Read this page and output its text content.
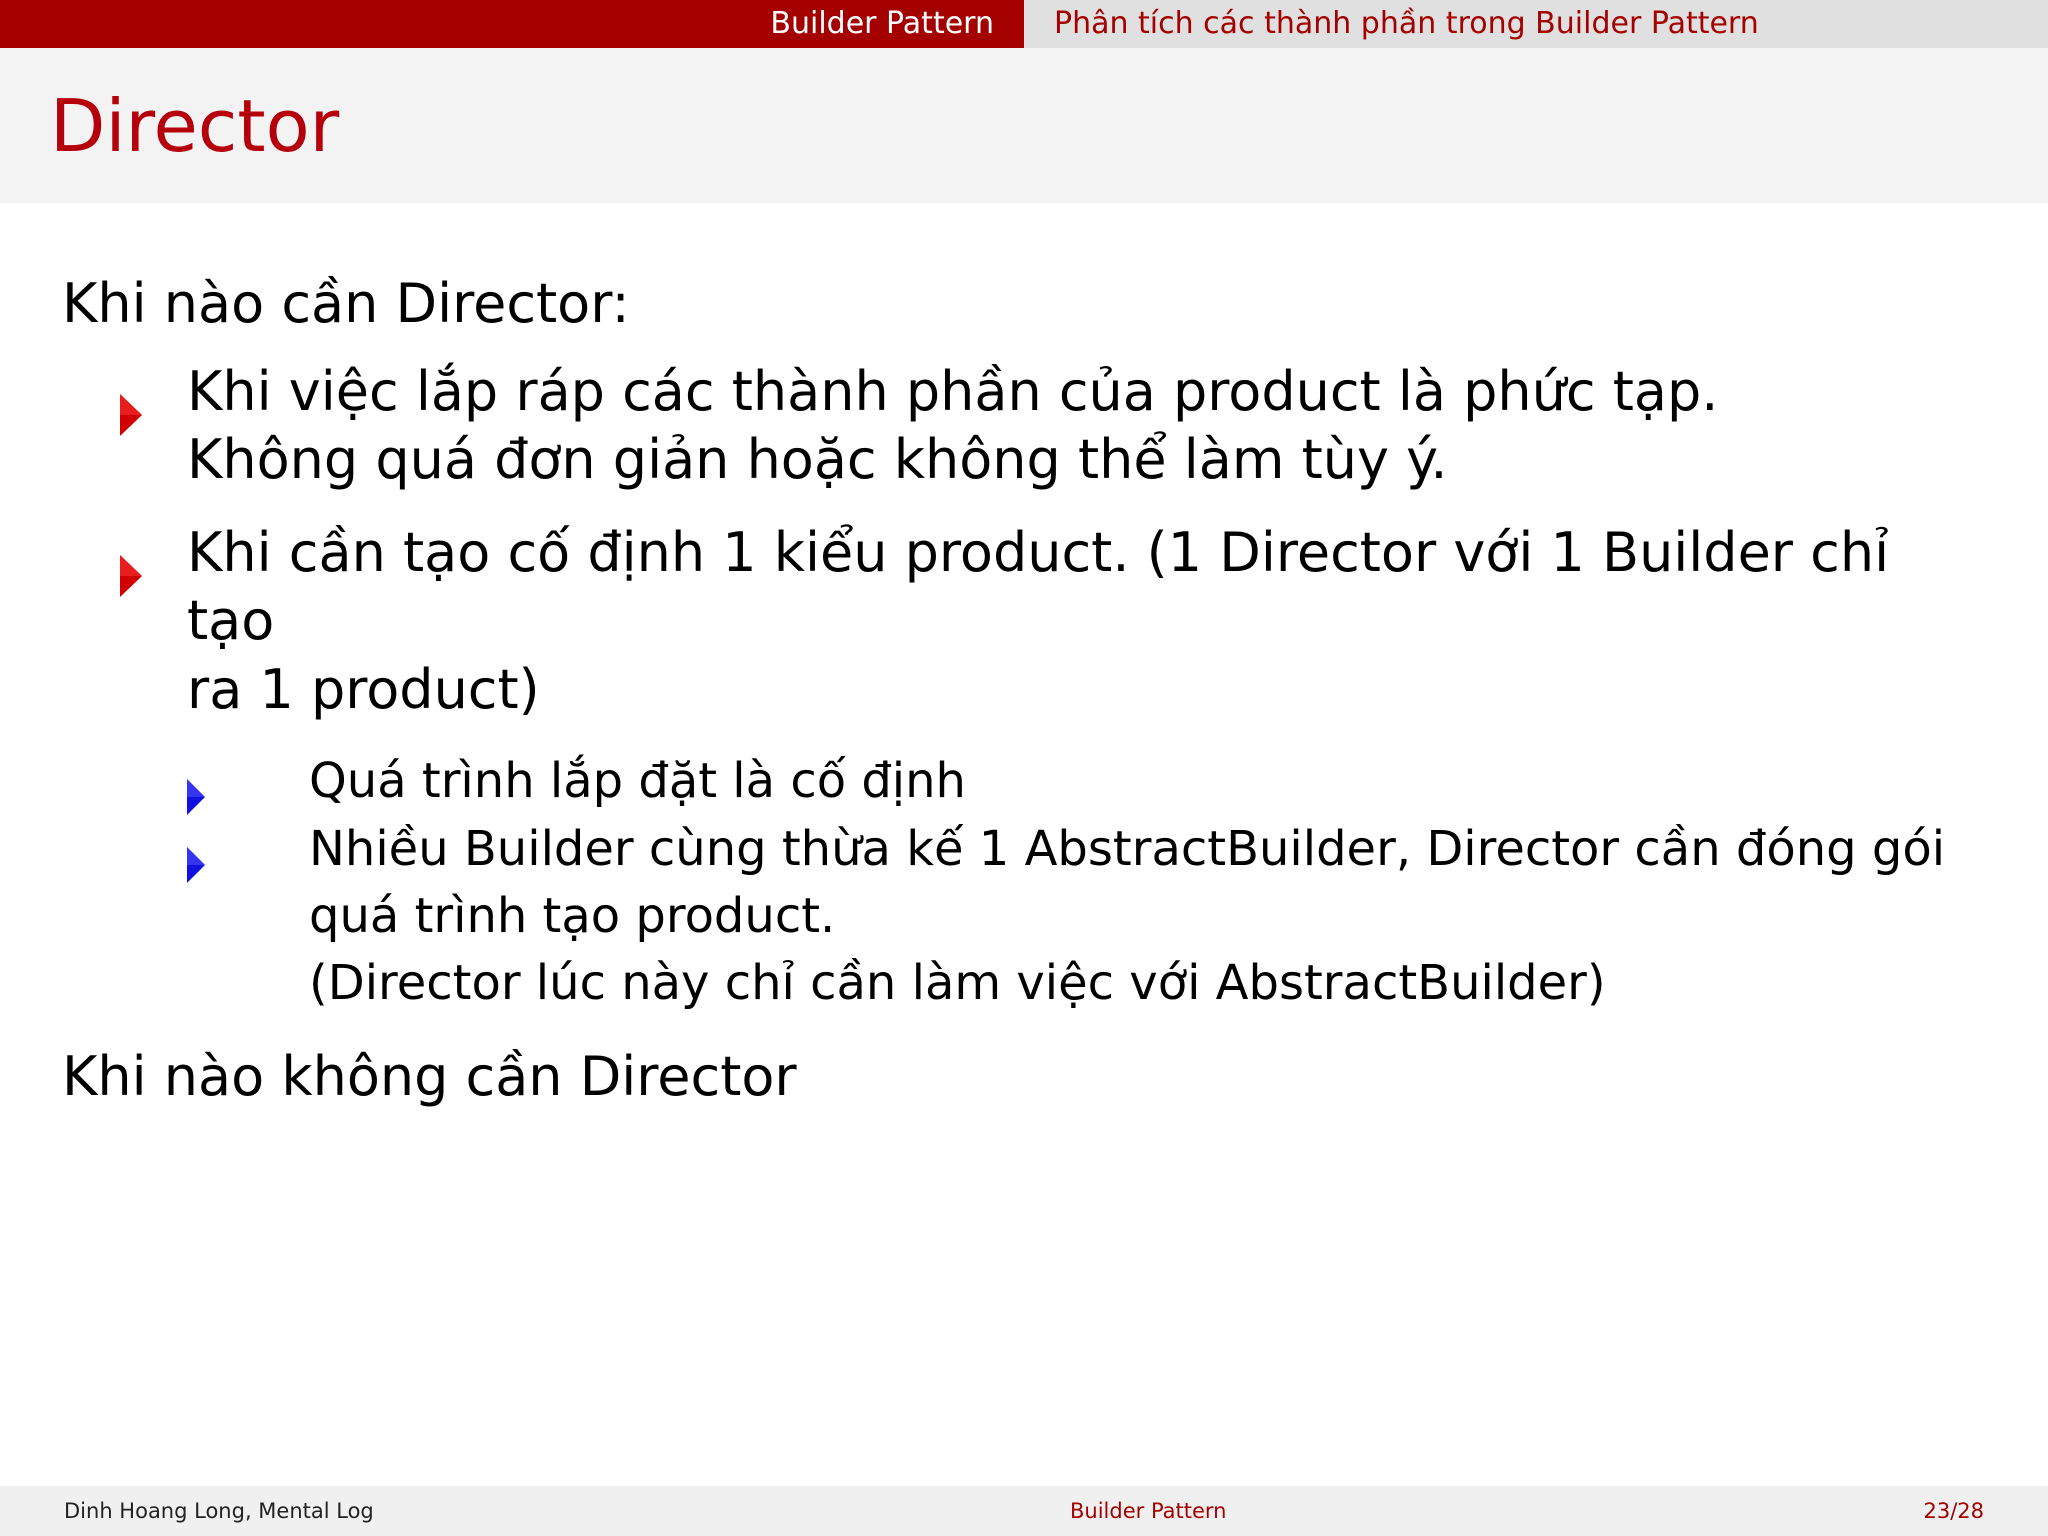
Builder Pattern	Phân tích các thành phần trong Builder Pattern
Director

Khi nào cần Director:

Khi việc lắp ráp các thành phần của product là phức tạp.
Không quá đơn giản hoặc không thể làm tùy ý.
Khi cần tạo cố định 1 kiểu product. (1 Director với 1 Builder chỉ tạo
ra 1 product)
Quá trình lắp đặt là cố định
Nhiều Builder cùng thừa kế 1 AbstractBuilder, Director cần đóng gói
quá trình tạo product.
(Director lúc này chỉ cần làm việc với AbstractBuilder)

Khi nào không cần Director

Dinh Hoang Long, Mental Log	Builder Pattern	23/28
